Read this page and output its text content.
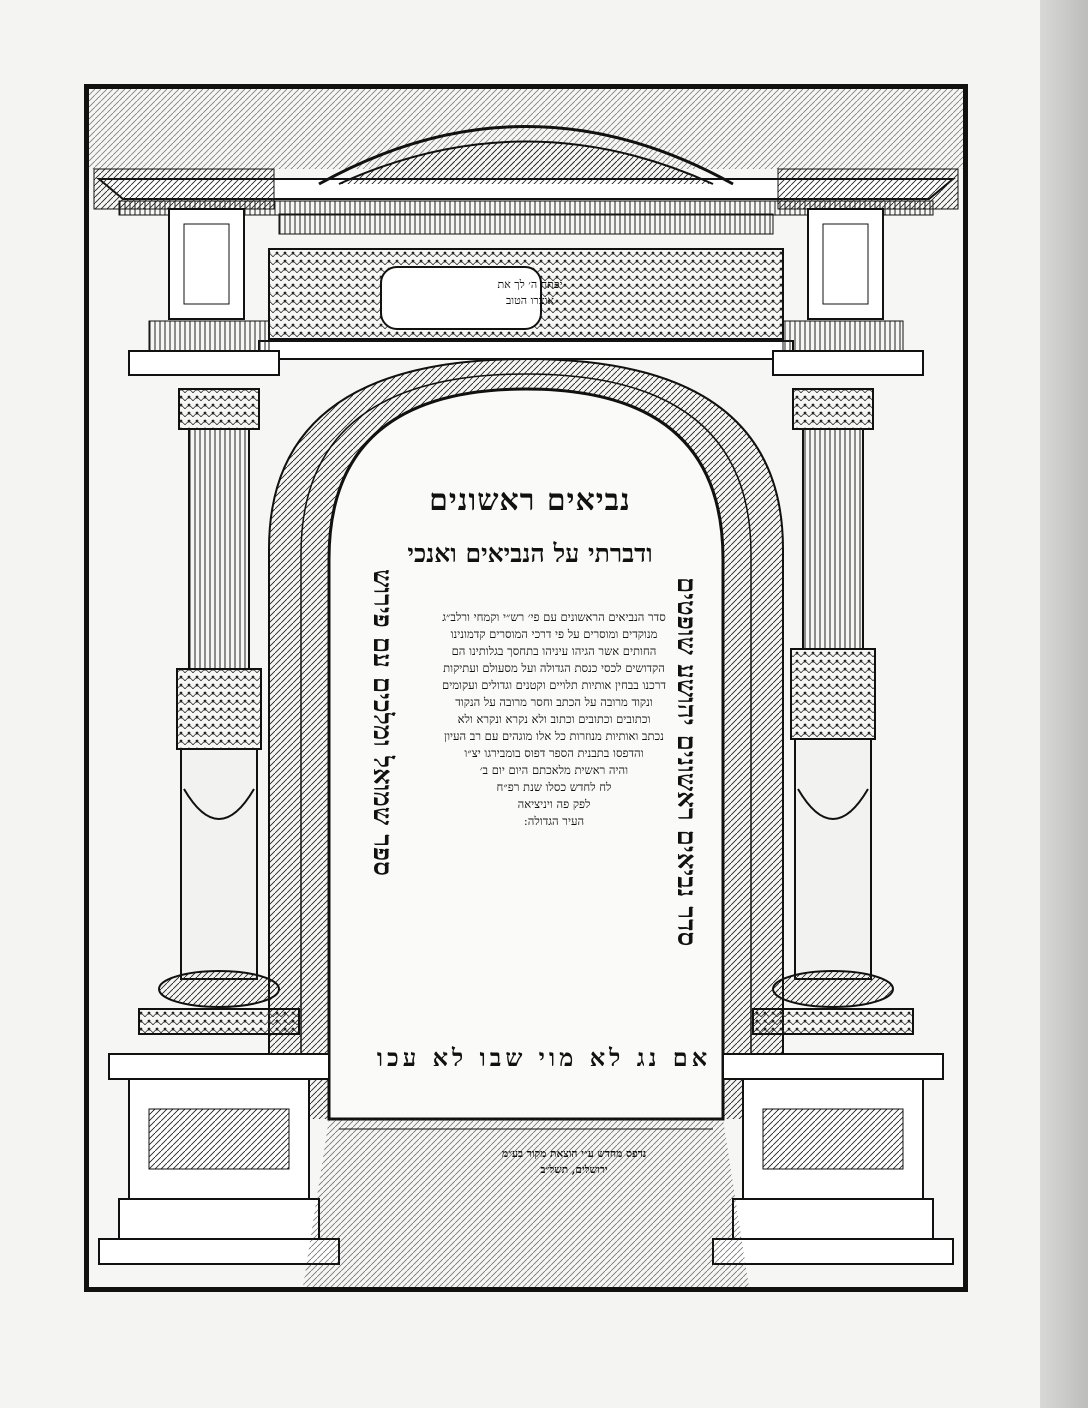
יפתח ה׳ לך את
אוצרו הטוב
נביאים ראשונים
ודברתי על הנביאים ואנכי
סדר הנביאים הראשונים עם פי׳ רש״י וקמחי ורלב״ג
מנוקדים ומוסרים על פי דרכי המוסרים קדמונינו
החותים אשר הגיהו עיניהו בתחסך בגלותינו הם
הקדושים לכסי כנסת הגדולה ועל מסעולם ועתיקות
דרכנו בבחין אותיות תלויים וקטנים וגדולים ועקומים
ונקוד מרובה על הכתב וחסר מרובה על הנקוד
וכתובים וכתובים וכתוב ולא נקרא ונקרא ולא
נכתב ואותיות מנוזרות כל אלו מוגהים עם רב העיון
והדפסו בתבנית הספר דפוס בומבירגו יצ״ו
והיה ראשית מלאכתם היום יום ב׳
לח לחדש כסלו שנת רפ״ח
לפק פה ויניציאה
העיר הגדולה:	סדר נביאים ראשונים יהושע שופטים
ספר שמואל ומלכים עם פירוש
אם נג לא מוי שבו לא עכו
נדפס מחדש ע״י הוצאת מקור בע״מ
ירושלים, תשל״ב
